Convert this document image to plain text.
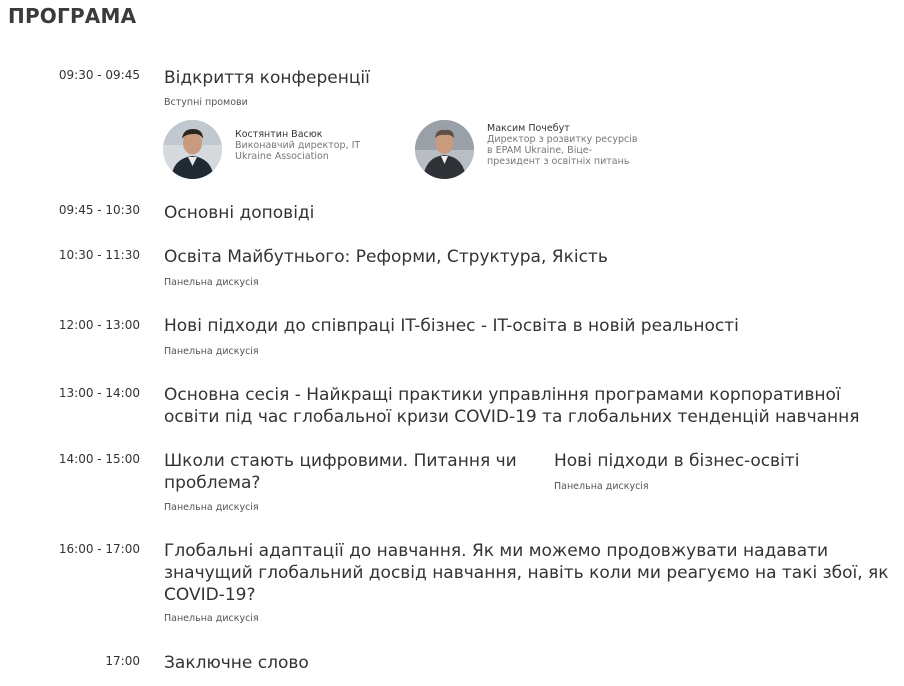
ПРОГРАМА
09:30 - 09:45 Відкриття конференції
Вступні промови
Костянтин Васюк
Виконавчий директор, IT
Ukraine Association
Максим Почебут
Директор з розвитку ресурсів
в EPAM Ukraine, Віце-
президент з освітніх питань
09:45 - 10:30 Основні доповіді
10:30 - 11:30 Освіта Майбутнього: Реформи, Структура, Якість
Панельна дискусія
12:00 - 13:00 Нові підходи до співпраці IT-бізнес - IT-освіта в новій реальності
Панельна дискусія
13:00 - 14:00 Основна сесія - Найкращі практики управління програмами корпоративної
освіти під час глобальної кризи COVID-19 та глобальних тенденцій навчання
14:00 - 15:00 Школи стають цифровими. Питання чи
проблема?
Панельна дискусія
Нові підходи в бізнес-освіті
Панельна дискусія
16:00 - 17:00 Глобальні адаптації до навчання. Як ми можемо продовжувати надавати
значущий глобальний досвід навчання, навіть коли ми реагуємо на такі збої, як
COVID-19?
Панельна дискусія
17:00 Заключне слово
